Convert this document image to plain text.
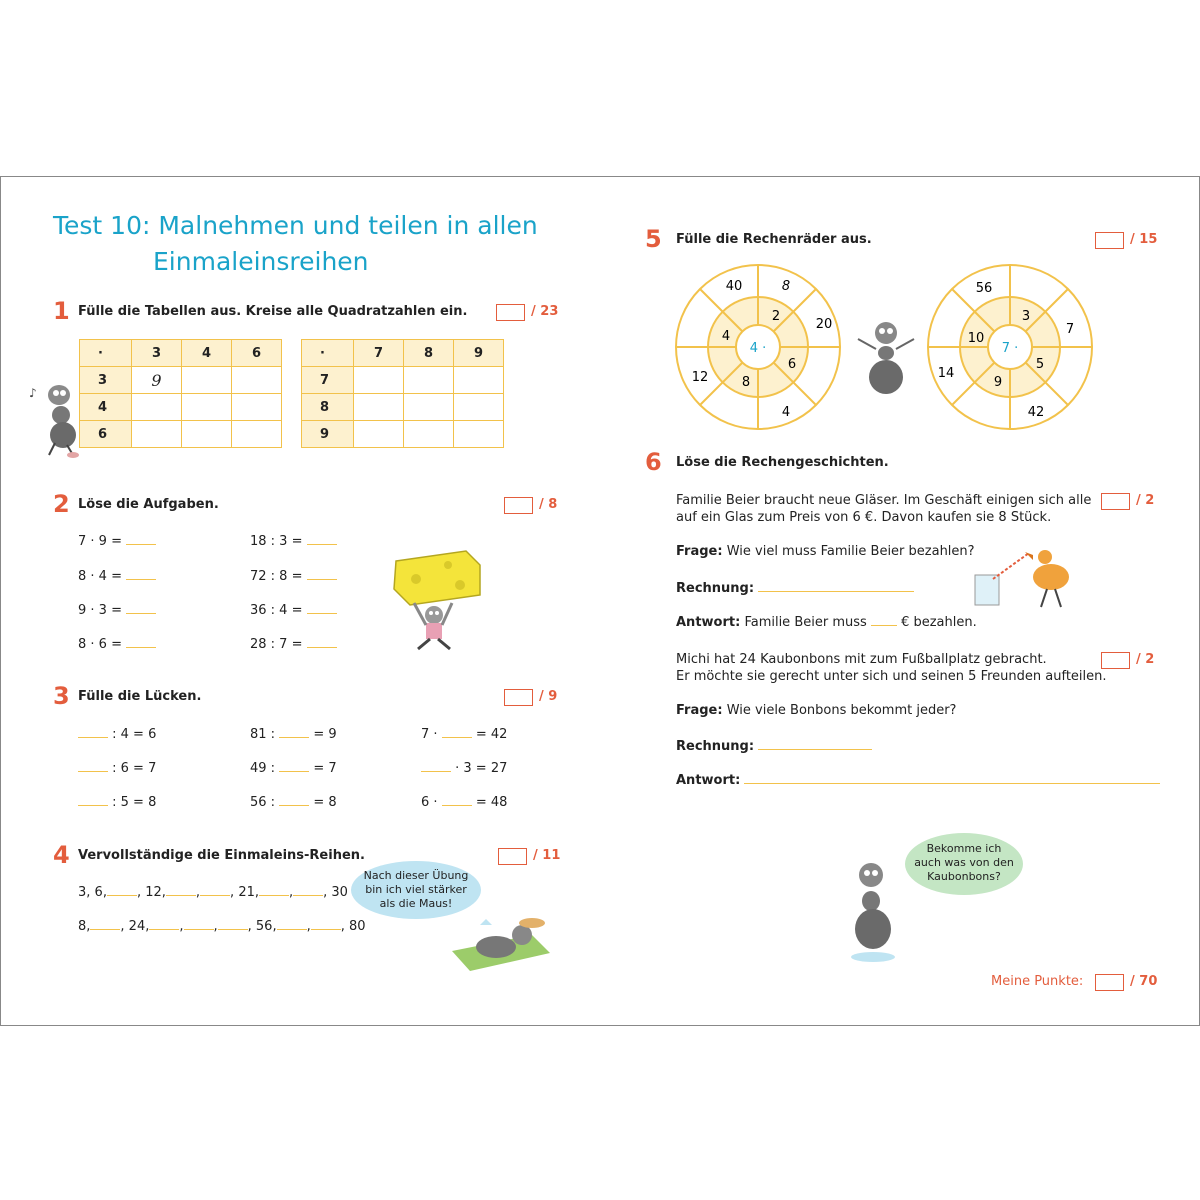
Test 10: Malnehmen und teilen in allen
Einmaleinsreihen
1 Fülle die Tabellen aus. Kreise alle Quadratzahlen ein.	/ 23
♪
·	3	4	6
3	9		
4			
6			
·	7	8	9
7			
8			
9			
2 Löse die Aufgaben.	/ 8
7 · 9 =
8 · 4 =
9 · 3 =
8 · 6 =
18 : 3 =
72 : 8 =
36 : 4 =
28 : 7 =
3 Fülle die Lücken.	/ 9
: 4 = 6
: 6 = 7
: 5 = 8
81 :	= 9
49 :	= 7
56 :	= 8
7 ·	= 42
· 3 = 27
6 ·	= 48
4 Vervollständige die Einmaleins-Reihen.	/ 11
3, 6, , 12, , , 21, , , 30
8, , 24, , , , 56, , , 80
Nach dieser Übung
bin ich viel stärker
als die Maus!
5 Fülle die Rechenräder aus.	/ 15
4 ·
2
6
8
4
8
20
4
12
40
7 ·
3
5
9
10
7
42
14
56
6 Löse die Rechengeschichten.
Familie Beier braucht neue Gläser. Im Geschäft einigen sich alle
auf ein Glas zum Preis von 6 €. Davon kaufen sie 8 Stück.
/ 2
Frage: Wie viel muss Familie Beier bezahlen?
Rechnung:
Antwort: Familie Beier muss	€ bezahlen.
Michi hat 24 Kaubonbons mit zum Fußballplatz gebracht.
Er möchte sie gerecht unter sich und seinen 5 Freunden aufteilen.
/ 2
Frage: Wie viele Bonbons bekommt jeder?
Rechnung:
Antwort:
Bekomme ich
auch was von den
Kaubonbons?
Meine Punkte:	/ 70
